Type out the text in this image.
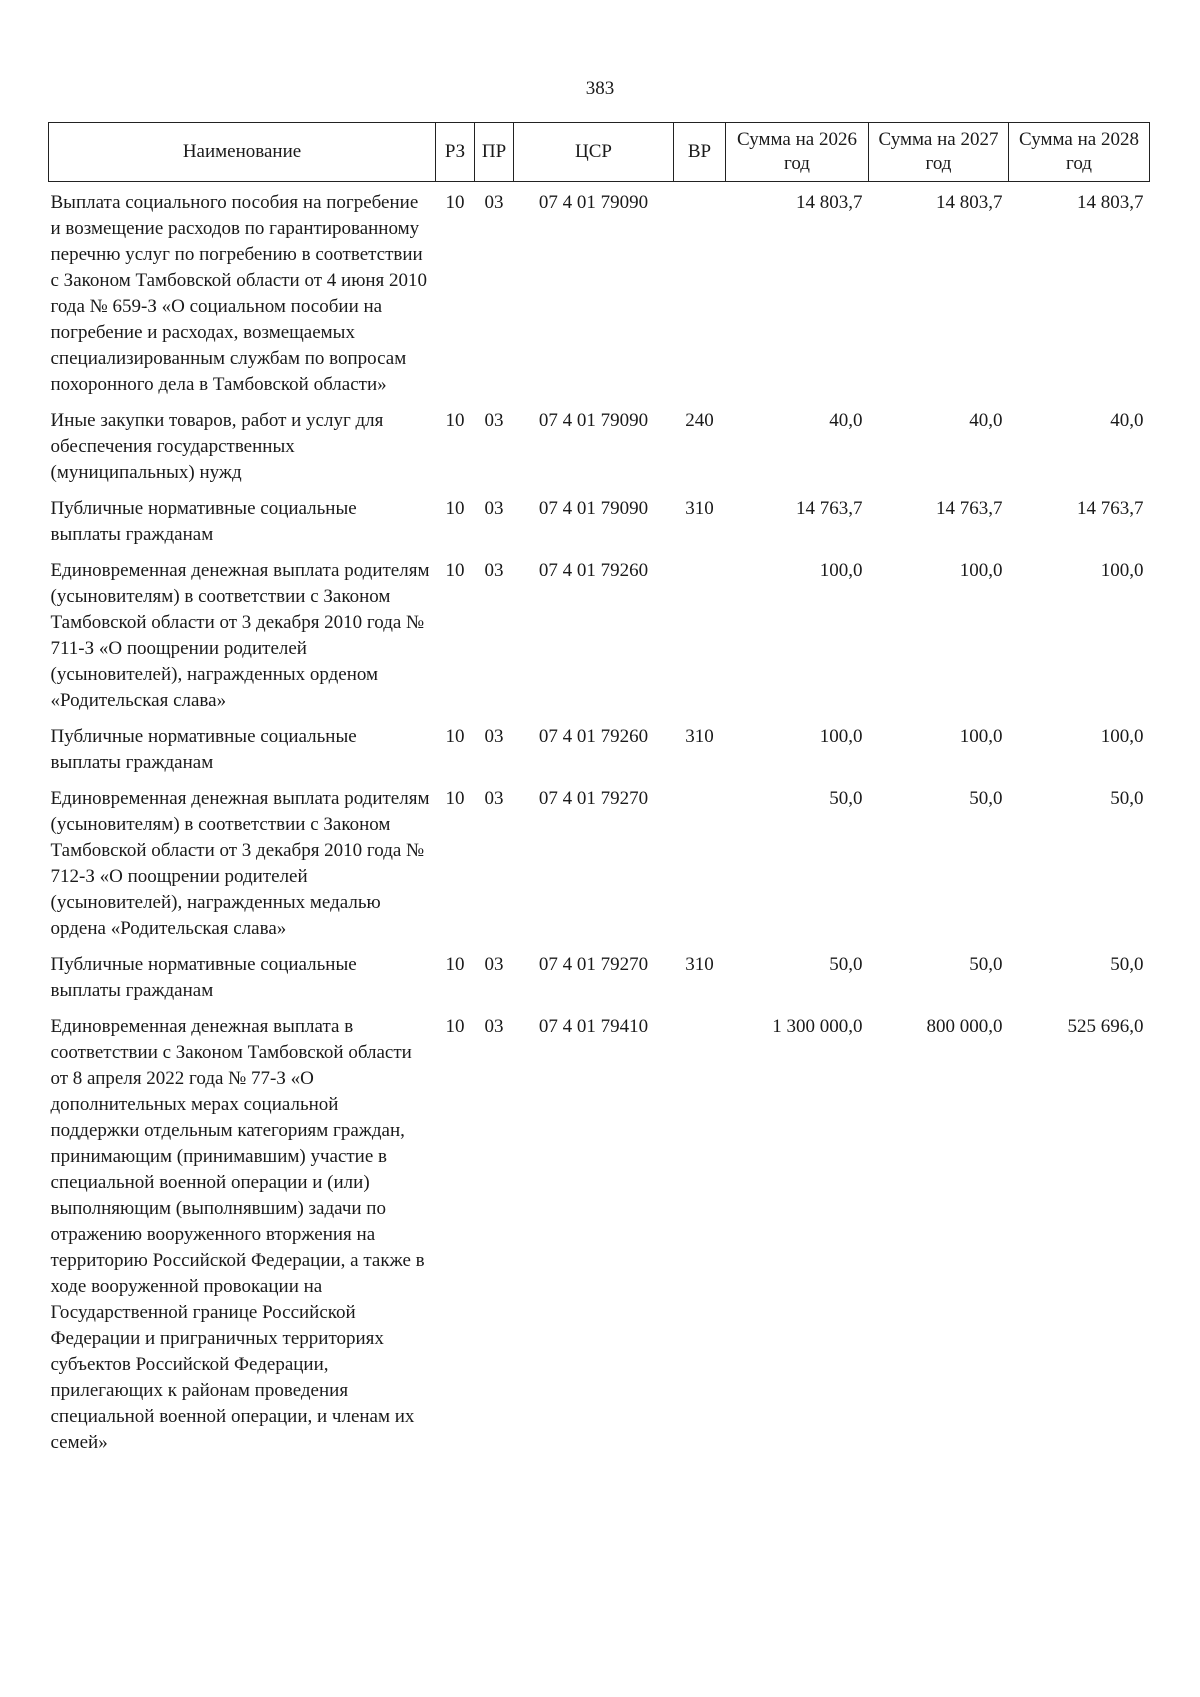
383
Наименование	РЗ	ПР	ЦСР	ВР	Сумма на 2026 год	Сумма на 2027 год	Сумма на 2028 год
Выплата социального пособия на погребение и возмещение расходов по гарантированному перечню услуг по погребению в соответствии с Законом Тамбовской области от 4 июня 2010 года № 659-З «О социальном пособии на погребение и расходах, возмещаемых специализированным службам по вопросам похоронного дела в Тамбовской области»	10	03	07 4 01 79090		14 803,7	14 803,7	14 803,7
Иные закупки товаров, работ и услуг для обеспечения государственных (муниципальных) нужд	10	03	07 4 01 79090	240	40,0	40,0	40,0
Публичные нормативные социальные выплаты гражданам	10	03	07 4 01 79090	310	14 763,7	14 763,7	14 763,7
Единовременная денежная выплата родителям (усыновителям) в соответствии с Законом Тамбовской области от 3 декабря 2010 года № 711-З «О поощрении родителей (усыновителей), награжденных орденом «Родительская слава»	10	03	07 4 01 79260		100,0	100,0	100,0
Публичные нормативные социальные выплаты гражданам	10	03	07 4 01 79260	310	100,0	100,0	100,0
Единовременная денежная выплата родителям (усыновителям) в соответствии с Законом Тамбовской области от 3 декабря 2010 года № 712-З «О поощрении родителей (усыновителей), награжденных медалью ордена «Родительская слава»	10	03	07 4 01 79270		50,0	50,0	50,0
Публичные нормативные социальные выплаты гражданам	10	03	07 4 01 79270	310	50,0	50,0	50,0
Единовременная денежная выплата в соответствии с Законом Тамбовской области от 8 апреля 2022 года № 77-З «О дополнительных мерах социальной поддержки отдельным категориям граждан, принимающим (принимавшим) участие в специальной военной операции и (или) выполняющим (выполнявшим) задачи по отражению вооруженного вторжения на территорию Российской Федерации, а также в ходе вооруженной провокации на Государственной границе Российской Федерации и приграничных территориях субъектов Российской Федерации, прилегающих к районам проведения специальной военной операции, и членам их семей»	10	03	07 4 01 79410		1 300 000,0	800 000,0	525 696,0
